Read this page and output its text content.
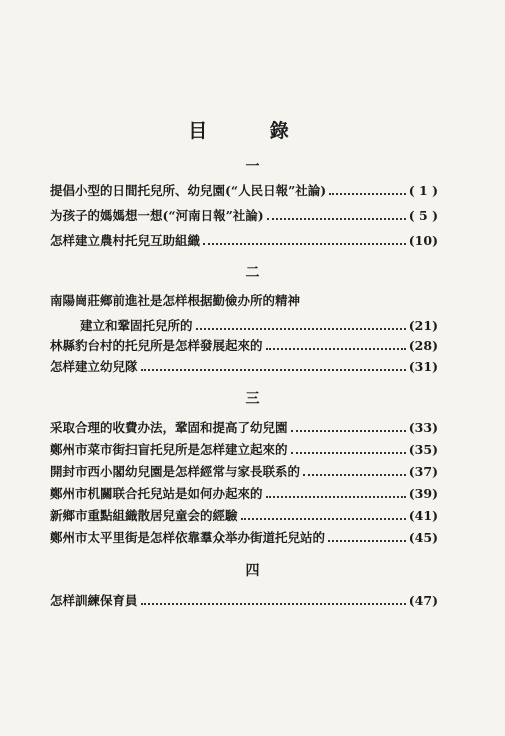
目 錄
一
提倡小型的日間托兒所、幼兒園(“人民日報”社論)	( 1 )
为孩子的媽媽想一想(“河南日報”社論)	( 5 )
怎样建立農村托兒互助組織	(10)
二
南陽崗莊鄉前進社是怎样根据勤儉办所的精神
建立和鞏固托兒所的	(21)
林縣豹台村的托兒所是怎样發展起來的	(28)
怎样建立幼兒隊	(31)
三
采取合理的收費办法，鞏固和提高了幼兒園	(33)
鄭州市菜市街扫盲托兒所是怎样建立起來的	(35)
開封市西小閣幼兒園是怎样經常与家長联系的	(37)
鄭州市机關联合托兒站是如何办起來的	(39)
新鄉市重點組織散居兒童会的經驗	(41)
鄭州市太平里街是怎样依靠羣众举办街道托兒站的	(45)
四
怎样訓練保育員	(47)
